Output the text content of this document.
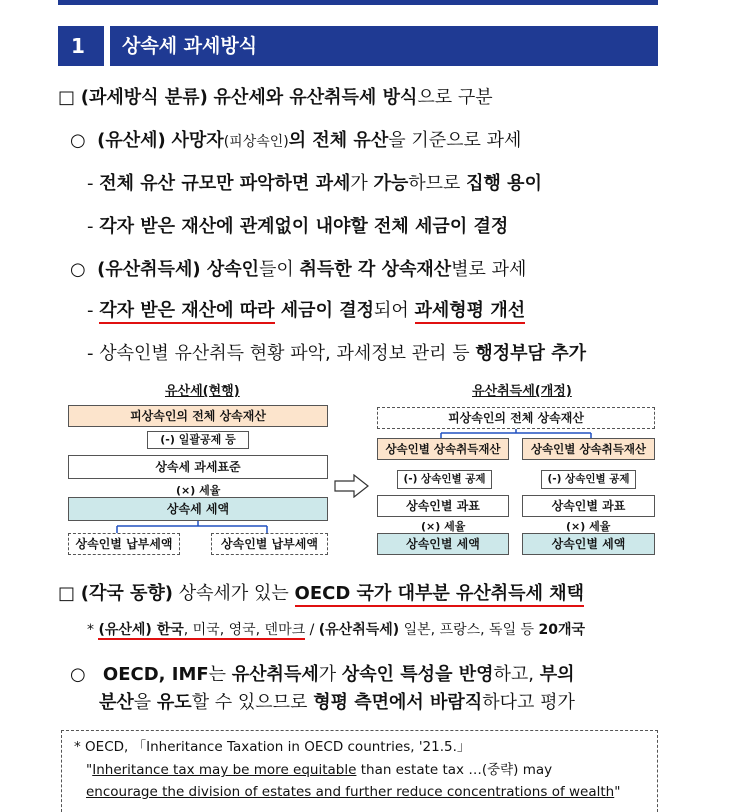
1	상속세 과세방식
□ (과세방식 분류) 유산세와 유산취득세 방식으로 구분
○ (유산세) 사망자(피상속인)의 전체 유산을 기준으로 과세
- 전체 유산 규모만 파악하면 과세가 가능하므로 집행 용이
- 각자 받은 재산에 관계없이 내야할 전체 세금이 결정
○ (유산취득세) 상속인들이 취득한 각 상속재산별로 과세
- 각자 받은 재산에 따라 세금이 결정되어 과세형평 개선
- 상속인별 유산취득 현황 파악, 과세정보 관리 등 행정부담 추가
유산세(현행)
피상속인의 전체 상속재산
(-) 일괄공제 등
상속세 과세표준
(×) 세율
상속세 세액
상속인별 납부세액	상속인별 납부세액
유산취득세(개정)
피상속인의 전체 상속재산
상속인별 상속취득재산
(-) 상속인별 공제
상속인별 과표
(×) 세율
상속인별 세액
상속인별 상속취득재산
(-) 상속인별 공제
상속인별 과표
(×) 세율
상속인별 세액
□ (각국 동향) 상속세가 있는 OECD 국가 대부분 유산취득세 채택
* (유산세) 한국, 미국, 영국, 덴마크 / (유산취득세) 일본, 프랑스, 독일 등 20개국
○ OECD, IMF는 유산취득세가 상속인 특성을 반영하고, 부의
분산을 유도할 수 있으므로 형평 측면에서 바람직하다고 평가
* OECD, 「Inheritance Taxation in OECD countries, '21.5.」
"Inheritance tax may be more equitable than estate tax …(중략) may
encourage the division of estates and further reduce concentrations of wealth"
